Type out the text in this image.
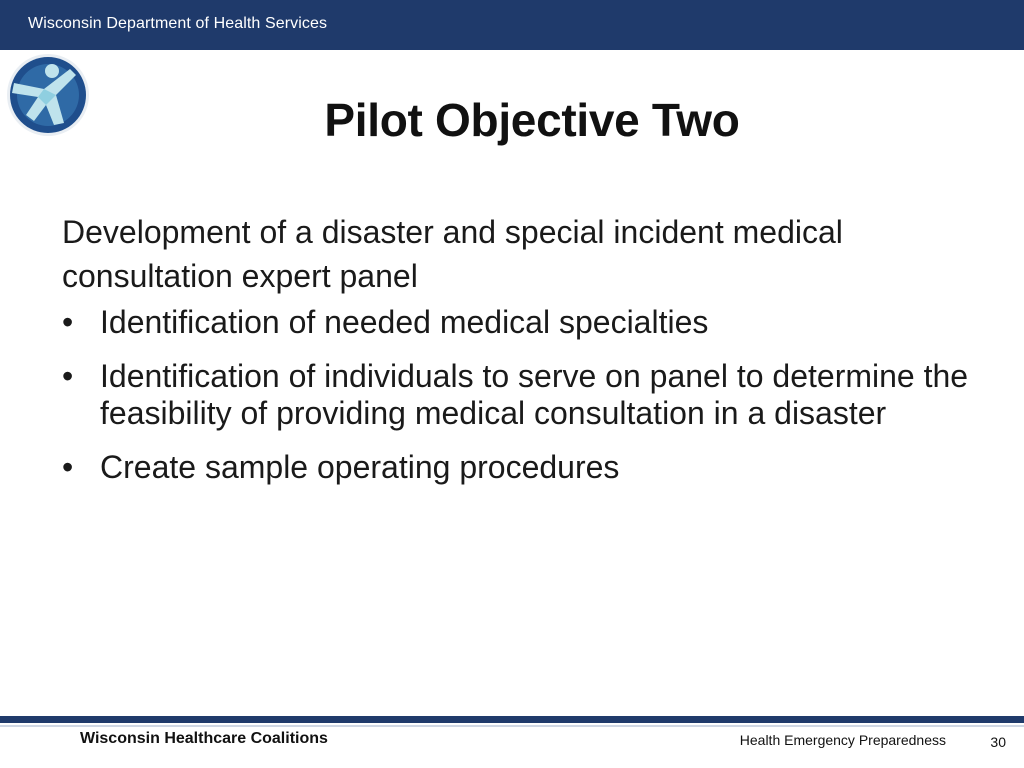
Wisconsin Department of Health Services
Pilot Objective Two

Development of a disaster and special incident medical consultation expert panel

• Identification of needed medical specialties
• Identification of individuals to serve on panel to determine the feasibility of providing medical consultation in a disaster
• Create sample operating procedures
Wisconsin Healthcare Coalitions	Health Emergency Preparedness	30
